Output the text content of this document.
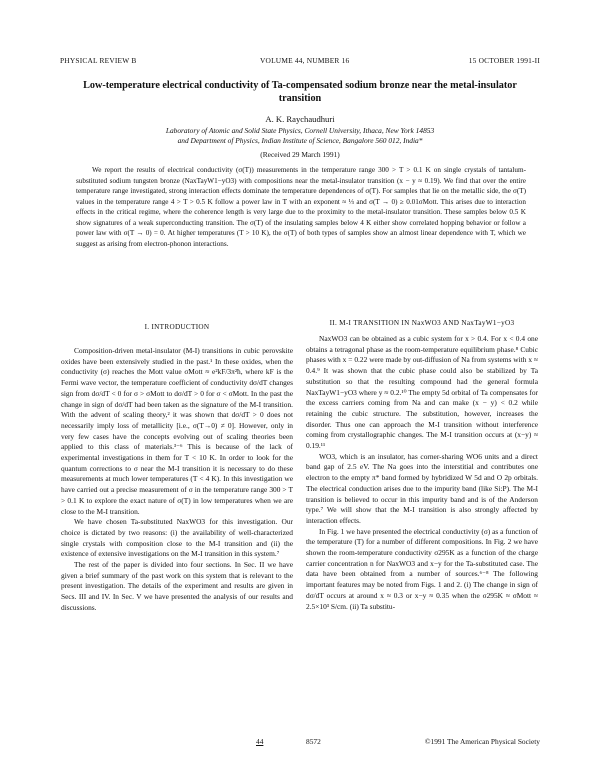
PHYSICAL REVIEW B	VOLUME 44, NUMBER 16	15 OCTOBER 1991-II
Low-temperature electrical conductivity of Ta-compensated sodium bronze near the metal-insulator transition
A. K. Raychaudhuri
Laboratory of Atomic and Solid State Physics, Cornell University, Ithaca, New York 14853
and Department of Physics, Indian Institute of Science, Bangalore 560 012, India*
(Received 29 March 1991)

We report the results of electrical conductivity (σ(T)) measurements in the temperature range 300 > T > 0.1 K on single crystals of tantalum-substituted sodium tungsten bronze (NaxTayW1−yO3) with compositions near the metal-insulator transition (x − y ≈ 0.19). We find that over the entire temperature range investigated, strong interaction effects dominate the temperature dependences of σ(T). For samples that lie on the metallic side, the σ(T) values in the temperature range 4 > T > 0.5 K follow a power law in T with an exponent ≈ ⅓ and σ(T → 0) ≥ 0.01σMott. This arises due to interaction effects in the critical regime, where the coherence length is very large due to the proximity to the metal-insulator transition. These samples below 0.5 K show signatures of a weak superconducting transition. The σ(T) of the insulating samples below 4 K either show correlated hopping behavior or follow a power law with σ(T → 0) = 0. At higher temperatures (T > 10 K), the σ(T) of both types of samples show an almost linear dependence with T, which we suggest as arising from electron-phonon interactions.

I. INTRODUCTION

Composition-driven metal-insulator (M-I) transitions in cubic perovskite oxides have been extensively studied in the past.¹ In these oxides, when the conductivity (σ) reaches the Mott value σMott ≈ e²kF/3π²ħ, where kF is the Fermi wave vector, the temperature coefficient of conductivity dσ/dT changes sign from dσ/dT < 0 for σ > σMott to dσ/dT > 0 for σ < σMott. In the past the change in sign of dσ/dT had been taken as the signature of the M-I transition. With the advent of scaling theory,² it was shown that dσ/dT > 0 does not necessarily imply loss of metallicity [i.e., σ(T→0) ≠ 0]. However, only in very few cases have the concepts evolving out of scaling theories been applied to this class of materials.³⁻⁶ This is because of the lack of experimental investigations in them for T < 10 K. In order to look for the quantum corrections to σ near the M-I transition it is necessary to do these measurements at much lower temperatures (T < 4 K). In this investigation we have carried out a precise measurement of σ in the temperature range 300 > T > 0.1 K to explore the exact nature of σ(T) in low temperatures when we are close to the M-I transition.

We have chosen Ta-substituted NaxWO3 for this investigation. Our choice is dictated by two reasons: (i) the availability of well-characterized single crystals with composition close to the M-I transition and (ii) the existence of extensive investigations on the M-I transition in this system.⁷

The rest of the paper is divided into four sections. In Sec. II we have given a brief summary of the past work on this system that is relevant to the present investigation. The details of the experiment and results are given in Secs. III and IV. In Sec. V we have presented the analysis of our results and discussions.

II. M-I TRANSITION IN NaxWO3 AND NaxTayW1−yO3

NaxWO3 can be obtained as a cubic system for x > 0.4. For x < 0.4 one obtains a tetragonal phase as the room-temperature equilibrium phase.⁸ Cubic phases with x = 0.22 were made by out-diffusion of Na from systems with x ≈ 0.4.⁹ It was shown that the cubic phase could also be stabilized by Ta substitution so that the resulting compound had the general formula NaxTayW1−yO3 where y ≈ 0.2.¹⁰ The empty 5d orbital of Ta compensates for the excess carriers coming from Na and can make (x − y) < 0.2 while retaining the cubic structure. The substitution, however, increases the disorder. Thus one can approach the M-I transition without interference coming from crystallographic changes. The M-I transition occurs at (x−y) ≈ 0.19.¹¹

WO3, which is an insulator, has corner-sharing WO6 units and a direct band gap of 2.5 eV. The Na goes into the interstitial and contributes one electron to the empty π* band formed by hybridized W 5d and O 2p orbitals. The electrical conduction arises due to the impurity band (like Si:P). The M-I transition is believed to occur in this impurity band and is of the Anderson type.⁷ We will show that the M-I transition is also strongly affected by interaction effects.

In Fig. 1 we have presented the electrical conductivity (σ) as a function of the temperature (T) for a number of different compositions. In Fig. 2 we have shown the room-temperature conductivity σ295K as a function of the charge carrier concentration n for NaxWO3 and x−y for the Ta-substituted case. The data have been obtained from a number of sources.⁶⁻⁸ The following important features may be noted from Figs. 1 and 2. (i) The change in sign of dσ/dT occurs at around x ≈ 0.3 or x−y ≈ 0.35 when the σ295K ≈ σMott ≈ 2.5×10³ S/cm. (ii) Ta substitu-

44	8572	©1991 The American Physical Society
